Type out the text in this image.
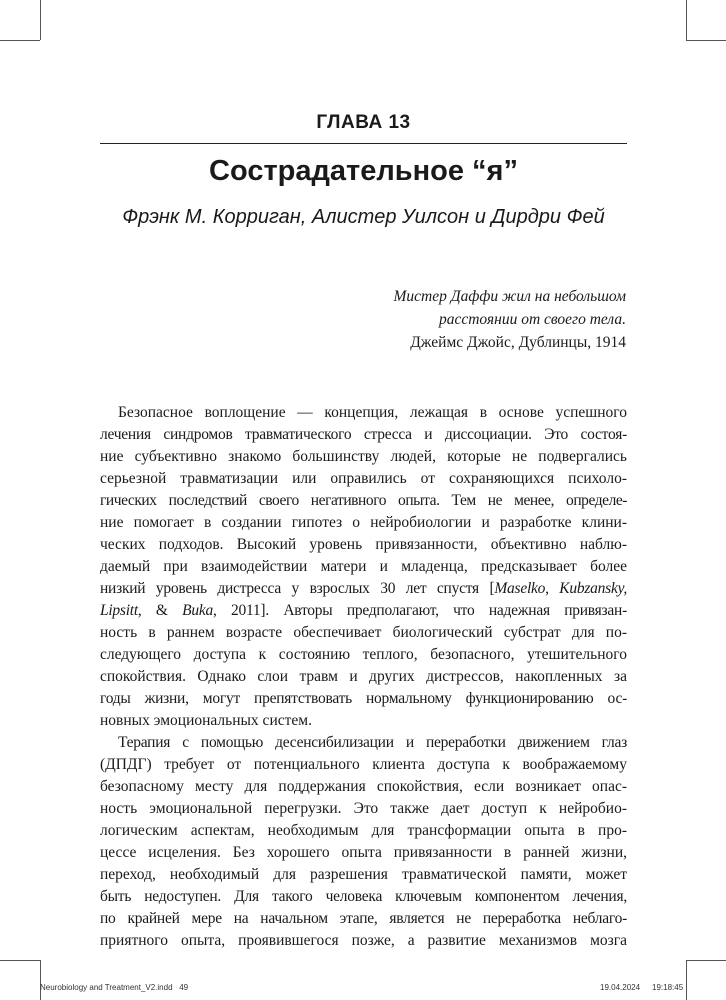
ГЛАВА 13
Сострадательное “я”
Фрэнк М. Корриган, Алистер Уилсон и Дирдри Фей
Мистер Даффи жил на небольшом
расстоянии от своего тела.
Джеймс Джойс, Дублинцы, 1914
Безопасное воплощение — концепция, лежащая в основе успешного
лечения синдромов травматического стресса и диссоциации. Это состоя-
ние субъективно знакомо большинству людей, которые не подвергались
серьезной травматизации или оправились от сохраняющихся психоло-
гических последствий своего негативного опыта. Тем не менее, определе-
ние помогает в создании гипотез о нейробиологии и разработке клини-
ческих подходов. Высокий уровень привязанности, объективно наблю-
даемый при взаимодействии матери и младенца, предсказывает более
низкий уровень дистресса у взрослых 30 лет спустя [Maselko, Kubzansky,
Lipsitt, & Buka, 2011]. Авторы предполагают, что надежная привязан-
ность в раннем возрасте обеспечивает биологический субстрат для по-
следующего доступа к состоянию теплого, безопасного, утешительного
спокойствия. Однако слои травм и других дистрессов, накопленных за
годы жизни, могут препятствовать нормальному функционированию ос-
новных эмоциональных систем.
Терапия с помощью десенсибилизации и переработки движением глаз
(ДПДГ) требует от потенциального клиента доступа к воображаемому
безопасному месту для поддержания спокойствия, если возникает опас-
ность эмоциональной перегрузки. Это также дает доступ к нейробио-
логическим аспектам, необходимым для трансформации опыта в про-
цессе исцеления. Без хорошего опыта привязанности в ранней жизни,
переход, необходимый для разрешения травматической памяти, может
быть недоступен. Для такого человека ключевым компонентом лечения,
по крайней мере на начальном этапе, является не переработка неблаго-
приятного опыта, проявившегося позже, а развитие механизмов мозга
Neurobiology and Treatment_V2.indd 49	19.04.2024 19:18:45
